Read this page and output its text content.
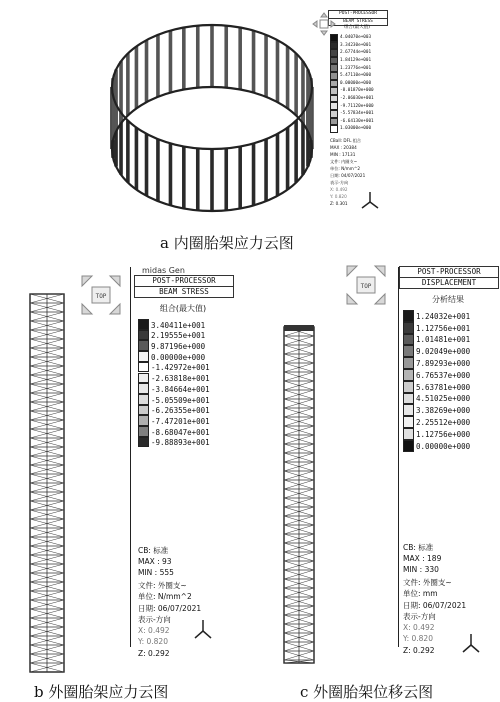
POST-PROCESSOR
BEAM STRESS
组合(最大值)
4.04070e+003
3.34230e+001
2.67744e+001
1.84129e+001
1.23776e+001
5.47110e+000
0.00000e+000
-8.01870e+000
-2.06030e+001
-9.71120e+000
-5.57834e+001
-6.64130e+001
1.03000e+000
CBall: DFL 组合
MAX : 20384
MIN : 17131
文件: 内圈支~
单位: N/mm^2
日期: 04/07/2021
表示-方向
X: 0.492
Y: 0.820
Z: 0.301
a 内圈胎架应力云图
TOP
midas Gen
POST-PROCESSOR
BEAM STRESS
组合(最大值)
3.40411e+001
2.19555e+001
9.87196e+000
0.00000e+000
-1.42972e+001
-2.63818e+001
-3.84664e+001
-5.05509e+001
-6.26355e+001
-7.47201e+001
-8.68047e+001
-9.88893e+001
CB: 标准
MAX : 93
MIN : 555
文件: 外圈支~
单位: N/mm^2
日期: 06/07/2021
表示-方向
X: 0.492
Y: 0.820
Z: 0.292
b 外圈胎架应力云图
TOP
POST-PROCESSOR
DISPLACEMENT
分析结果
1.24032e+001
1.12756e+001
1.01481e+001
9.02049e+000
7.89293e+000
6.76537e+000
5.63781e+000
4.51025e+000
3.38269e+000
2.25512e+000
1.12756e+000
0.00000e+000
CB: 标准
MAX : 189
MIN : 330
文件: 外圈支~
单位: mm
日期: 06/07/2021
表示-方向
X: 0.492
Y: 0.820
Z: 0.292
c 外圈胎架位移云图
